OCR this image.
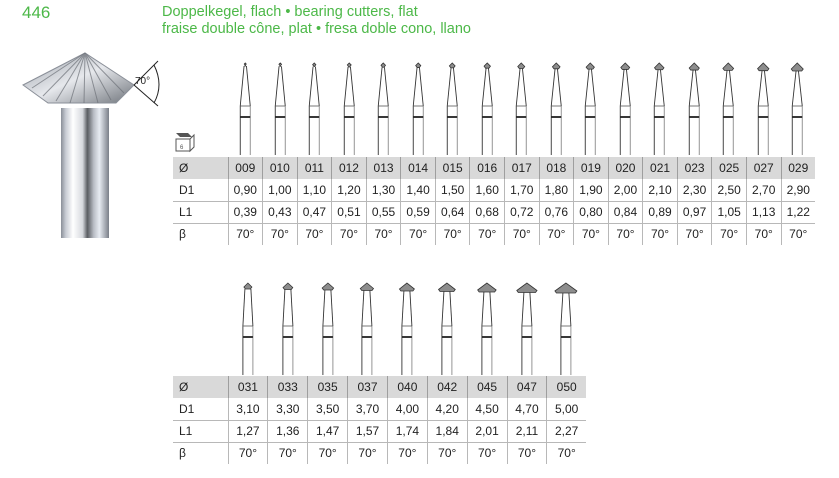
446	Doppelkegel, flach • bearing cutters, flat
fraise double cône, plat • fresa doble cono, llano
70°
6
Ø	009	010	011	012	013	014	015	016	017	018	019	020	021	023	025	027	029
D1	0,90	1,00	1,10	1,20	1,30	1,40	1,50	1,60	1,70	1,80	1,90	2,00	2,10	2,30	2,50	2,70	2,90
L1	0,39	0,43	0,47	0,51	0,55	0,59	0,64	0,68	0,72	0,76	0,80	0,84	0,89	0,97	1,05	1,13	1,22
β	70°	70°	70°	70°	70°	70°	70°	70°	70°	70°	70°	70°	70°	70°	70°	70°	70°
Ø	031	033	035	037	040	042	045	047	050
D1	3,10	3,30	3,50	3,70	4,00	4,20	4,50	4,70	5,00
L1	1,27	1,36	1,47	1,57	1,74	1,84	2,01	2,11	2,27
β	70°	70°	70°	70°	70°	70°	70°	70°	70°
